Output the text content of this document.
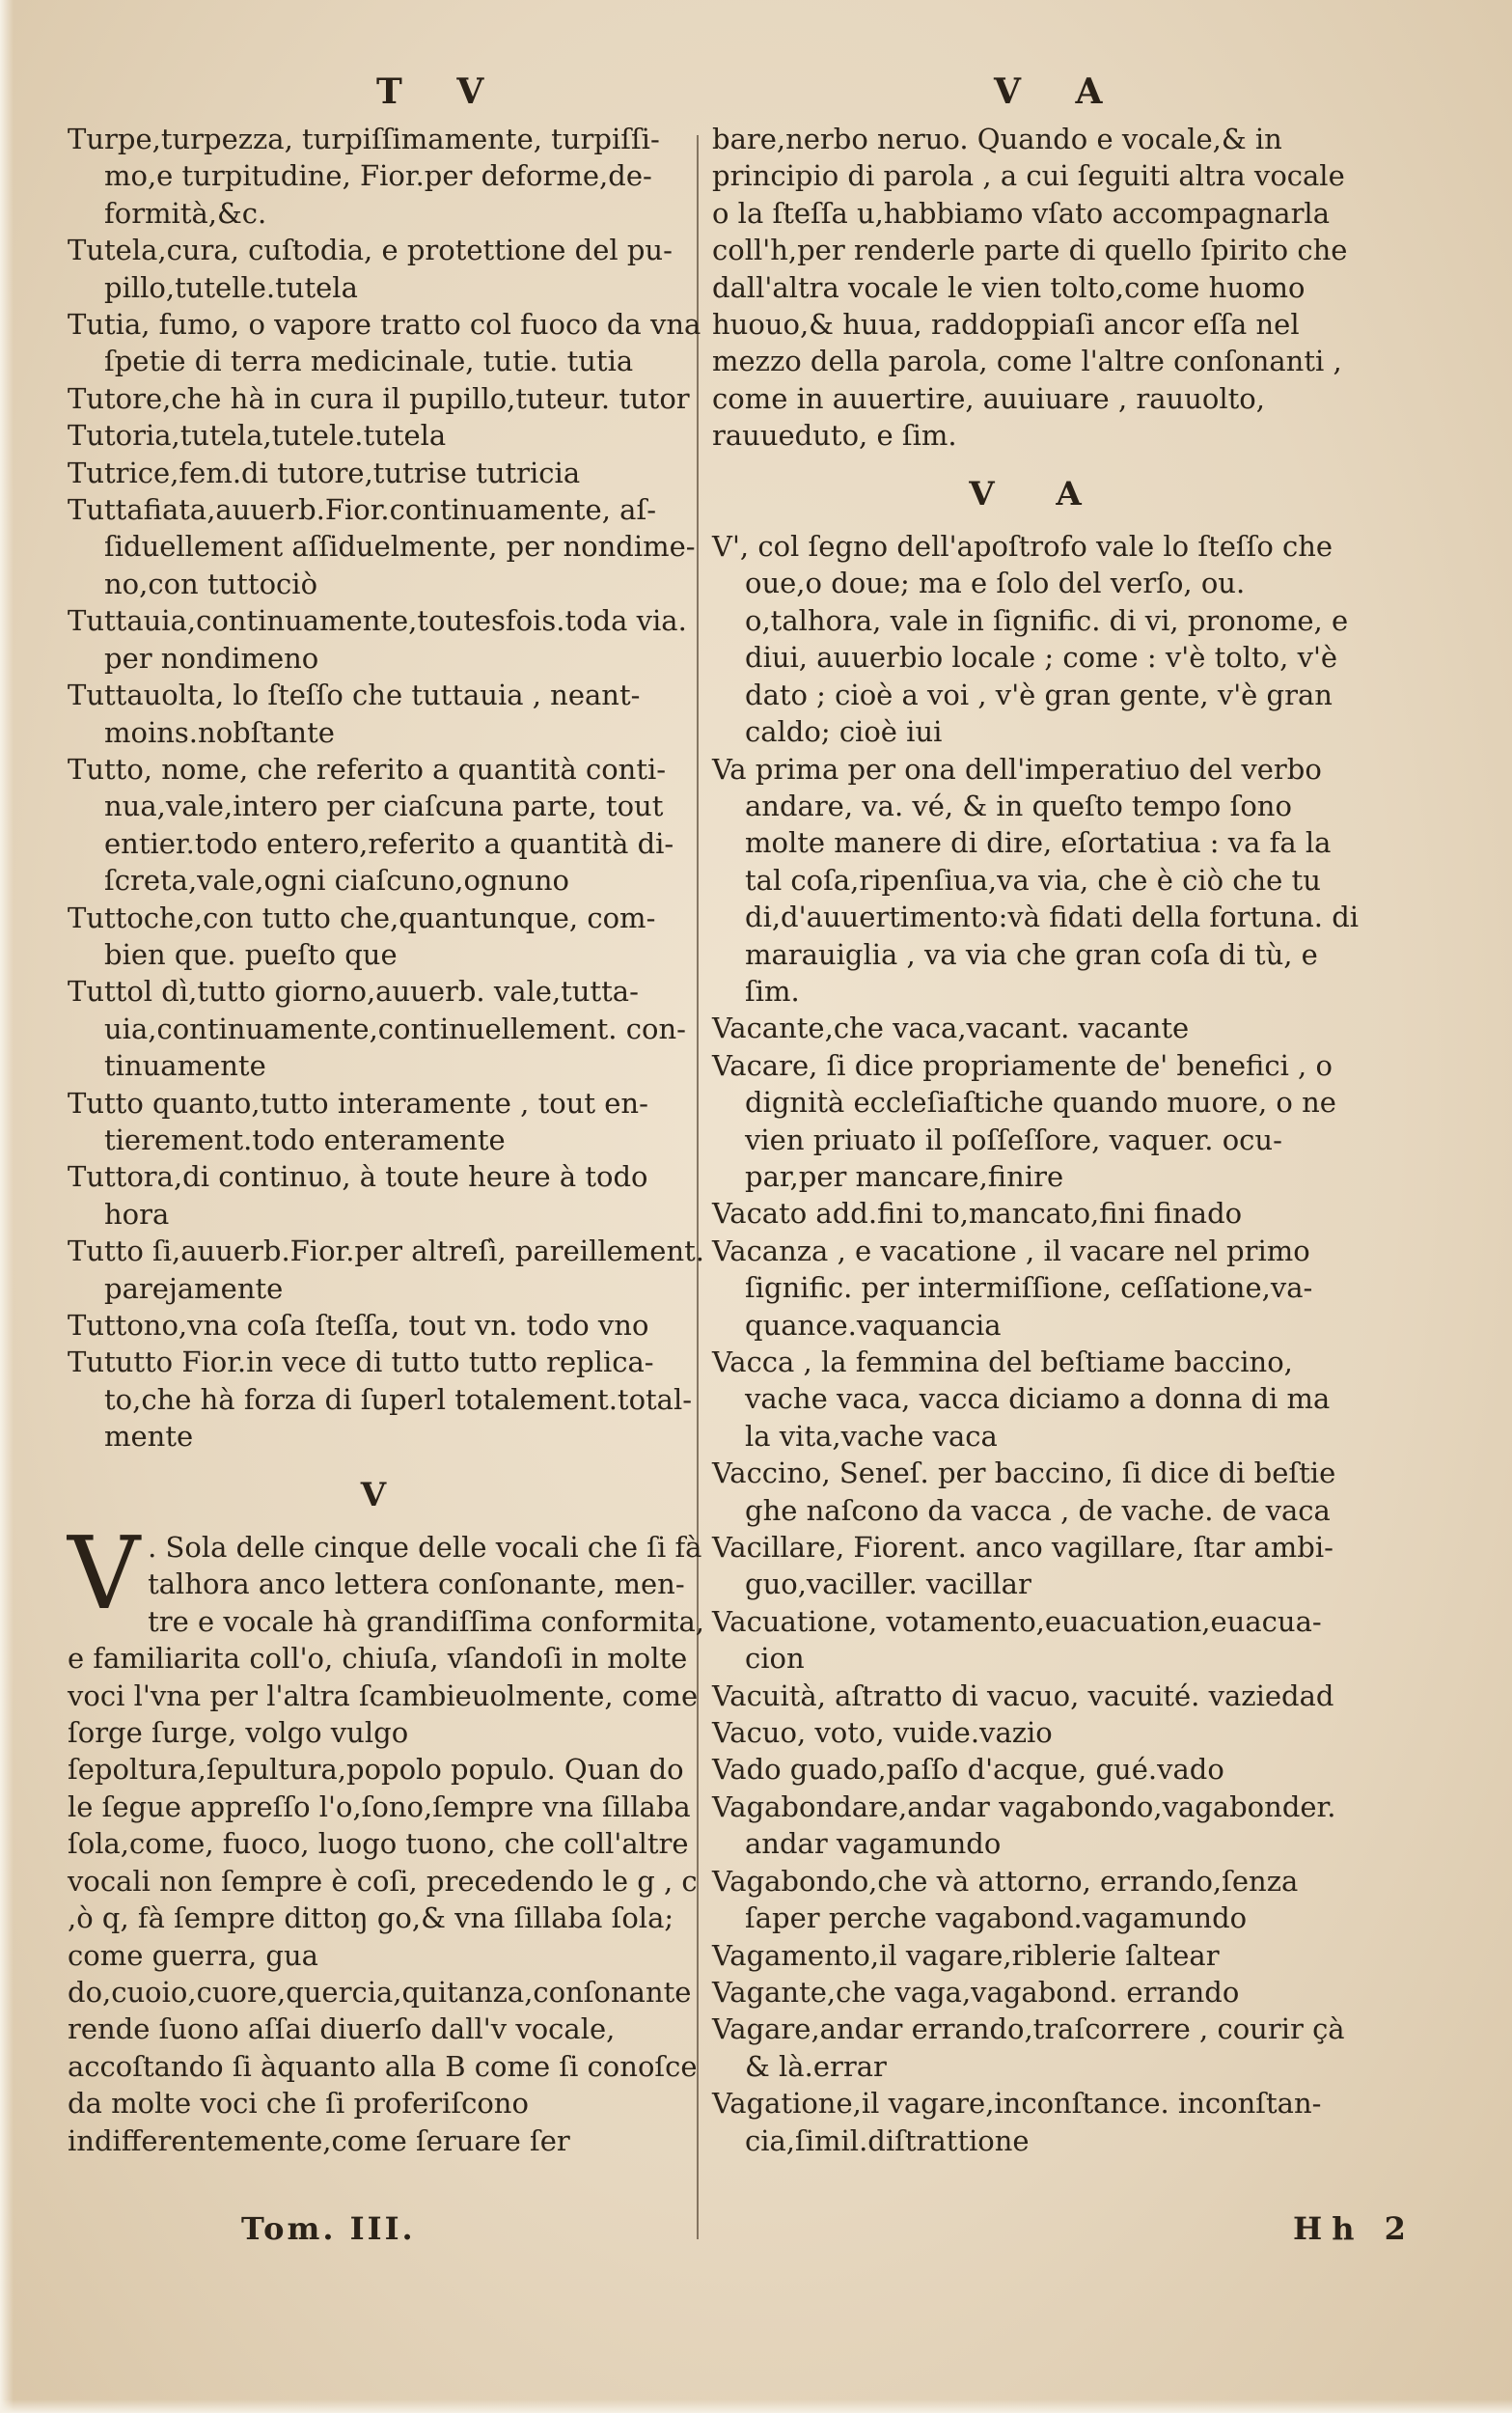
T V	V A

Turpe,turpezza, turpiſſimamente, turpiſſimo,e turpitudine, Fior.per deforme,deformità,&c.

Tutela,cura, cuſtodia, e protettione del pupillo,tutelle.tutela

Tutia, fumo, o vapore tratto col fuoco da vna ſpetie di terra medicinale, tutie. tutia

Tutore,che hà in cura il pupillo,tuteur. tutor

Tutoria,tutela,tutele.tutela

Tutrice,fem.di tutore,tutrise tutricia

Tuttafiata,auuerb.Fior.continuamente, aſſiduellement aſſiduelmente, per nondimeno,con tuttociò

Tuttauia,continuamente,toutesfois.toda via. per nondimeno

Tuttauolta, lo ſteſſo che tuttauia , neantmoins.nobſtante

Tutto, nome, che referito a quantità continua,vale,intero per ciaſcuna parte, tout entier.todo entero,referito a quantità diſcreta,vale,ogni ciaſcuno,ognuno

Tuttoche,con tutto che,quantunque, combien que. pueſto que

Tuttol dì,tutto giorno,auuerb. vale,tuttauia,continuamente,continuellement. continuamente

Tutto quanto,tutto interamente , tout entierement.todo enteramente

Tuttora,di continuo, à toute heure à todo hora

Tutto ſi,auuerb.Fior.per altreſì, pareillement. parejamente

Tuttono,vna coſa ſteſſa, tout vn. todo vno

Tututto Fior.in vece di tutto tutto replicato,che hà forza di ſuperl totalement.totalmente

V

V . Sola delle cinque delle vocali che ſi fà talhora anco lettera conſonante, mentre e vocale hà grandiſſima conformita, e familiarita coll'o, chiuſa, vſandoſi in molte voci l'vna per l'altra ſcambieuolmente, come ſorge ſurge, volgo vulgo ſepoltura,ſepultura,popolo populo. Quan do le ſegue appreſſo l'o,ſono,ſempre vna ſillaba ſola,come, fuoco, luogo tuono, che coll'altre vocali non ſempre è coſi, precedendo le g , c ,ò q, fà ſempre dittoŋ go,& vna ſillaba ſola; come guerra, gua do,cuoio,cuore,quercia,quitanza,conſonante rende ſuono aſſai diuerſo dall'v vocale, accoſtando ſi àquanto alla B come ſi conoſce da molte voci che ſi proferiſcono indifferentemente,come ſeruare ſer

bare,nerbo neruo. Quando e vocale,& in principio di parola , a cui ſeguiti altra vocale o la ſteſſa u,habbiamo vſato accompagnarla coll'h,per renderle parte di quello ſpirito che dall'altra vocale le vien tolto,come huomo huouo,& huua, raddoppiaſi ancor eſſa nel mezzo della parola, come l'altre conſonanti , come in auuertire, auuiuare , rauuolto, rauueduto, e ſim.

V A

V', col ſegno dell'apoſtrofo vale lo ſteſſo che oue,o doue; ma e ſolo del verſo, ou. o,talhora, vale in ſignific. di vi, pronome, e diui, auuerbio locale ; come : v'è tolto, v'è dato ; cioè a voi , v'è gran gente, v'è gran caldo; cioè iui

Va prima per ona dell'imperatiuo del verbo andare, va. vé, & in queſto tempo ſono molte manere di dire, eſortatiua : va fa la tal coſa,ripenſiua,va via, che è ciò che tu di,d'auuertimento:và fidati della fortuna. di marauiglia , va via che gran coſa di tù, e ſim.

Vacante,che vaca,vacant. vacante

Vacare, ſi dice propriamente de' benefici , o dignità eccleſiaſtiche quando muore, o ne vien priuato il poſſeſſore, vaquer. ocupar,per mancare,finire

Vacato add.fini to,mancato,fini finado

Vacanza , e vacatione , il vacare nel primo ſignific. per intermiſſione, ceſſatione,vaquance.vaquancia

Vacca , la femmina del beſtiame baccino, vache vaca, vacca diciamo a donna di ma la vita,vache vaca

Vaccino, Seneſ. per baccino, ſi dice di beſtie ghe naſcono da vacca , de vache. de vaca

Vacillare, Fiorent. anco vagillare, ſtar ambiguo,vaciller. vacillar

Vacuatione, votamento,euacuation,euacuacion

Vacuità, aſtratto di vacuo, vacuité. vaziedad

Vacuo, voto, vuide.vazio

Vado guado,paſſo d'acque, gué.vado

Vagabondare,andar vagabondo,vagabonder. andar vagamundo

Vagabondo,che và attorno, errando,ſenza ſaper perche vagabond.vagamundo

Vagamento,il vagare,riblerie ſaltear

Vagante,che vaga,vagabond. errando

Vagare,andar errando,traſcorrere , courir çà & là.errar

Vagatione,il vagare,inconſtance. inconſtancia,ſimil.diſtrattione

Tom. III.	Hh 2
